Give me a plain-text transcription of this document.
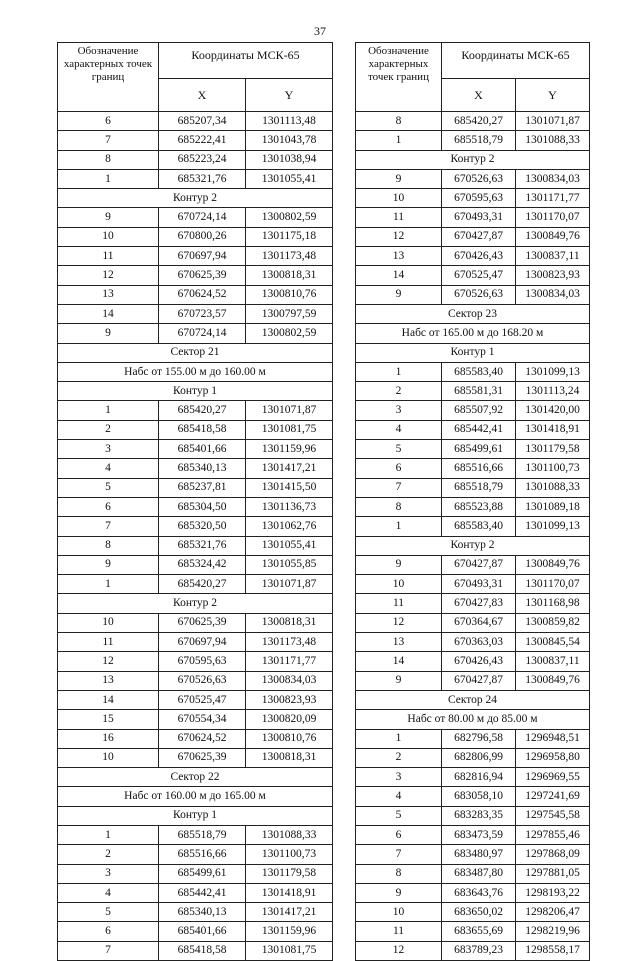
37
Обозначение характерных точек границ	Координаты МСК-65	
	X	Y
6	685207,34	1301113,48
7	685222,41	1301043,78
8	685223,24	1301038,94
1	685321,76	1301055,41
Контур 2		
9	670724,14	1300802,59
10	670800,26	1301175,18
11	670697,94	1301173,48
12	670625,39	1300818,31
13	670624,52	1300810,76
14	670723,57	1300797,59
9	670724,14	1300802,59
Сектор 21		
Набс от 155.00 м до 160.00 м		
Контур 1		
1	685420,27	1301071,87
2	685418,58	1301081,75
3	685401,66	1301159,96
4	685340,13	1301417,21
5	685237,81	1301415,50
6	685304,50	1301136,73
7	685320,50	1301062,76
8	685321,76	1301055,41
9	685324,42	1301055,85
1	685420,27	1301071,87
Контур 2		
10	670625,39	1300818,31
11	670697,94	1301173,48
12	670595,63	1301171,77
13	670526,63	1300834,03
14	670525,47	1300823,93
15	670554,34	1300820,09
16	670624,52	1300810,76
10	670625,39	1300818,31
Сектор 22		
Набс от 160.00 м до 165.00 м		
Контур 1		
1	685518,79	1301088,33
2	685516,66	1301100,73
3	685499,61	1301179,58
4	685442,41	1301418,91
5	685340,13	1301417,21
6	685401,66	1301159,96
7	685418,58	1301081,75
Обозначение характерных точек границ	Координаты МСК-65	
	X	Y
8	685420,27	1301071,87
1	685518,79	1301088,33
Контур 2		
9	670526,63	1300834,03
10	670595,63	1301171,77
11	670493,31	1301170,07
12	670427,87	1300849,76
13	670426,43	1300837,11
14	670525,47	1300823,93
9	670526,63	1300834,03
Сектор 23		
Набс от 165.00 м до 168.20 м		
Контур 1		
1	685583,40	1301099,13
2	685581,31	1301113,24
3	685507,92	1301420,00
4	685442,41	1301418,91
5	685499,61	1301179,58
6	685516,66	1301100,73
7	685518,79	1301088,33
8	685523,88	1301089,18
1	685583,40	1301099,13
Контур 2		
9	670427,87	1300849,76
10	670493,31	1301170,07
11	670427,83	1301168,98
12	670364,67	1300859,82
13	670363,03	1300845,54
14	670426,43	1300837,11
9	670427,87	1300849,76
Сектор 24		
Набс от 80.00 м до 85.00 м		
1	682796,58	1296948,51
2	682806,99	1296958,80
3	682816,94	1296969,55
4	683058,10	1297241,69
5	683283,35	1297545,58
6	683473,59	1297855,46
7	683480,97	1297868,09
8	683487,80	1297881,05
9	683643,76	1298193,22
10	683650,02	1298206,47
11	683655,69	1298219,96
12	683789,23	1298558,17
